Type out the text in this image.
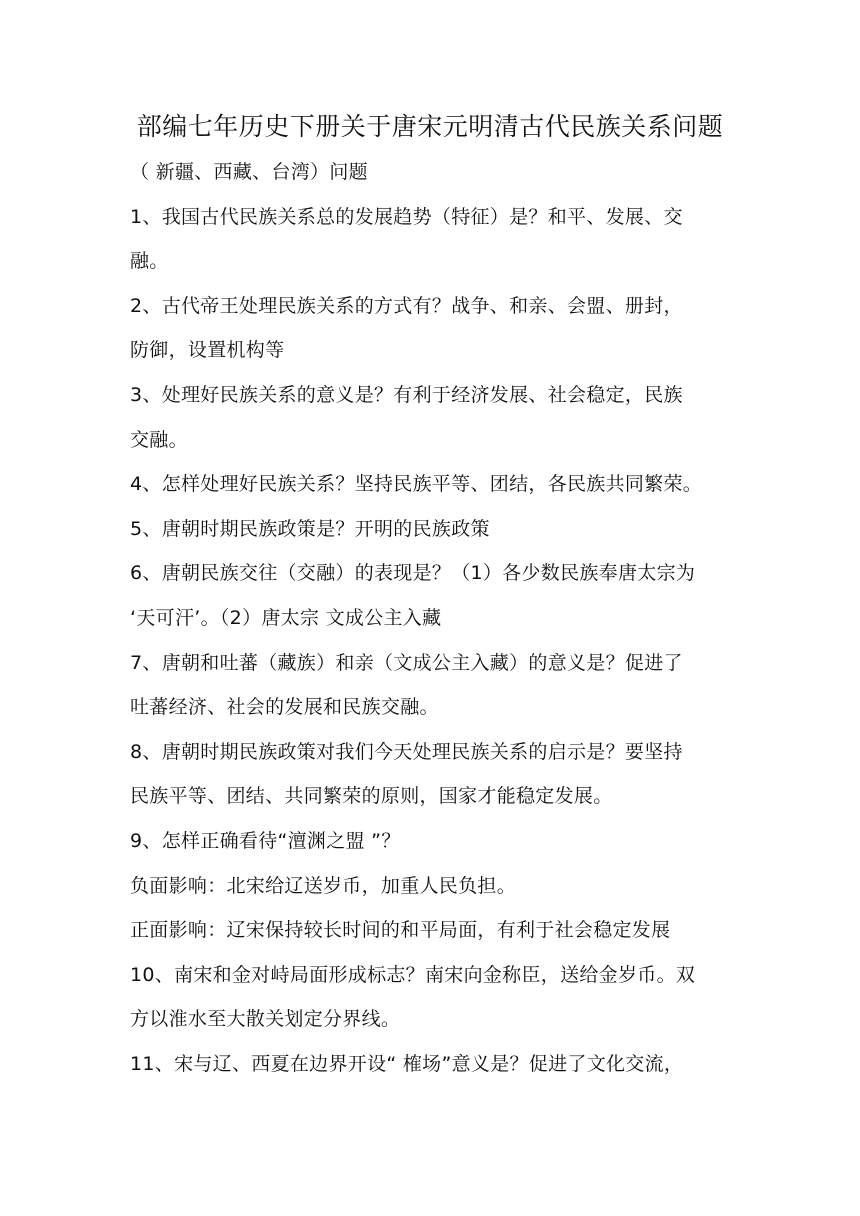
部编七年历史下册关于唐宋元明清古代民族关系问题
（ 新疆、西藏、台湾）问题
1、我国古代民族关系总的发展趋势（特征）是？和平、发展、交
融。
2、古代帝王处理民族关系的方式有？战争、和亲、会盟、册封，
防御，设置机构等
3、处理好民族关系的意义是？有利于经济发展、社会稳定，民族
交融。
4、怎样处理好民族关系？坚持民族平等、团结，各民族共同繁荣。
5、唐朝时期民族政策是？开明的民族政策
6、唐朝民族交往（交融）的表现是？（1）各少数民族奉唐太宗为
‘天可汗’。（2）唐太宗 文成公主入藏
7、唐朝和吐蕃（藏族）和亲（文成公主入藏）的意义是？促进了
吐蕃经济、社会的发展和民族交融。
8、唐朝时期民族政策对我们今天处理民族关系的启示是？要坚持
民族平等、团结、共同繁荣的原则，国家才能稳定发展。
9、怎样正确看待“澶渊之盟 ”？
负面影响：北宋给辽送岁币，加重人民负担。
正面影响：辽宋保持较长时间的和平局面，有利于社会稳定发展
10、南宋和金对峙局面形成标志？南宋向金称臣，送给金岁币。双
方以淮水至大散关划定分界线。
11、宋与辽、西夏在边界开设“ 榷场”意义是？促进了文化交流，
